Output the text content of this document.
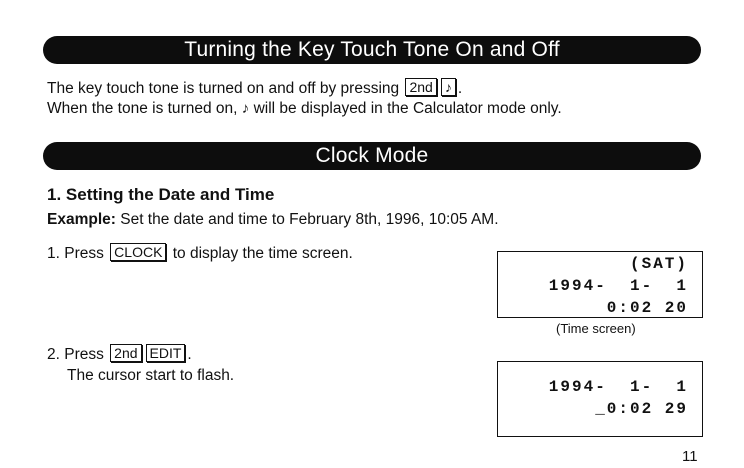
Turning the Key Touch Tone On and Off
The key touch tone is turned on and off by pressing 2nd ♪ .
When the tone is turned on, ♪ will be displayed in the Calculator mode only.
Clock Mode
1. Setting the Date and Time
Example: Set the date and time to February 8th, 1996, 10:05 AM.
1. Press CLOCK to display the time screen.
2. Press 2nd EDIT .
The cursor start to flash.
(SAT)
1994-  1-  1
0:02 20
(Time screen)
1994-  1-  1
_0:02 29
11
